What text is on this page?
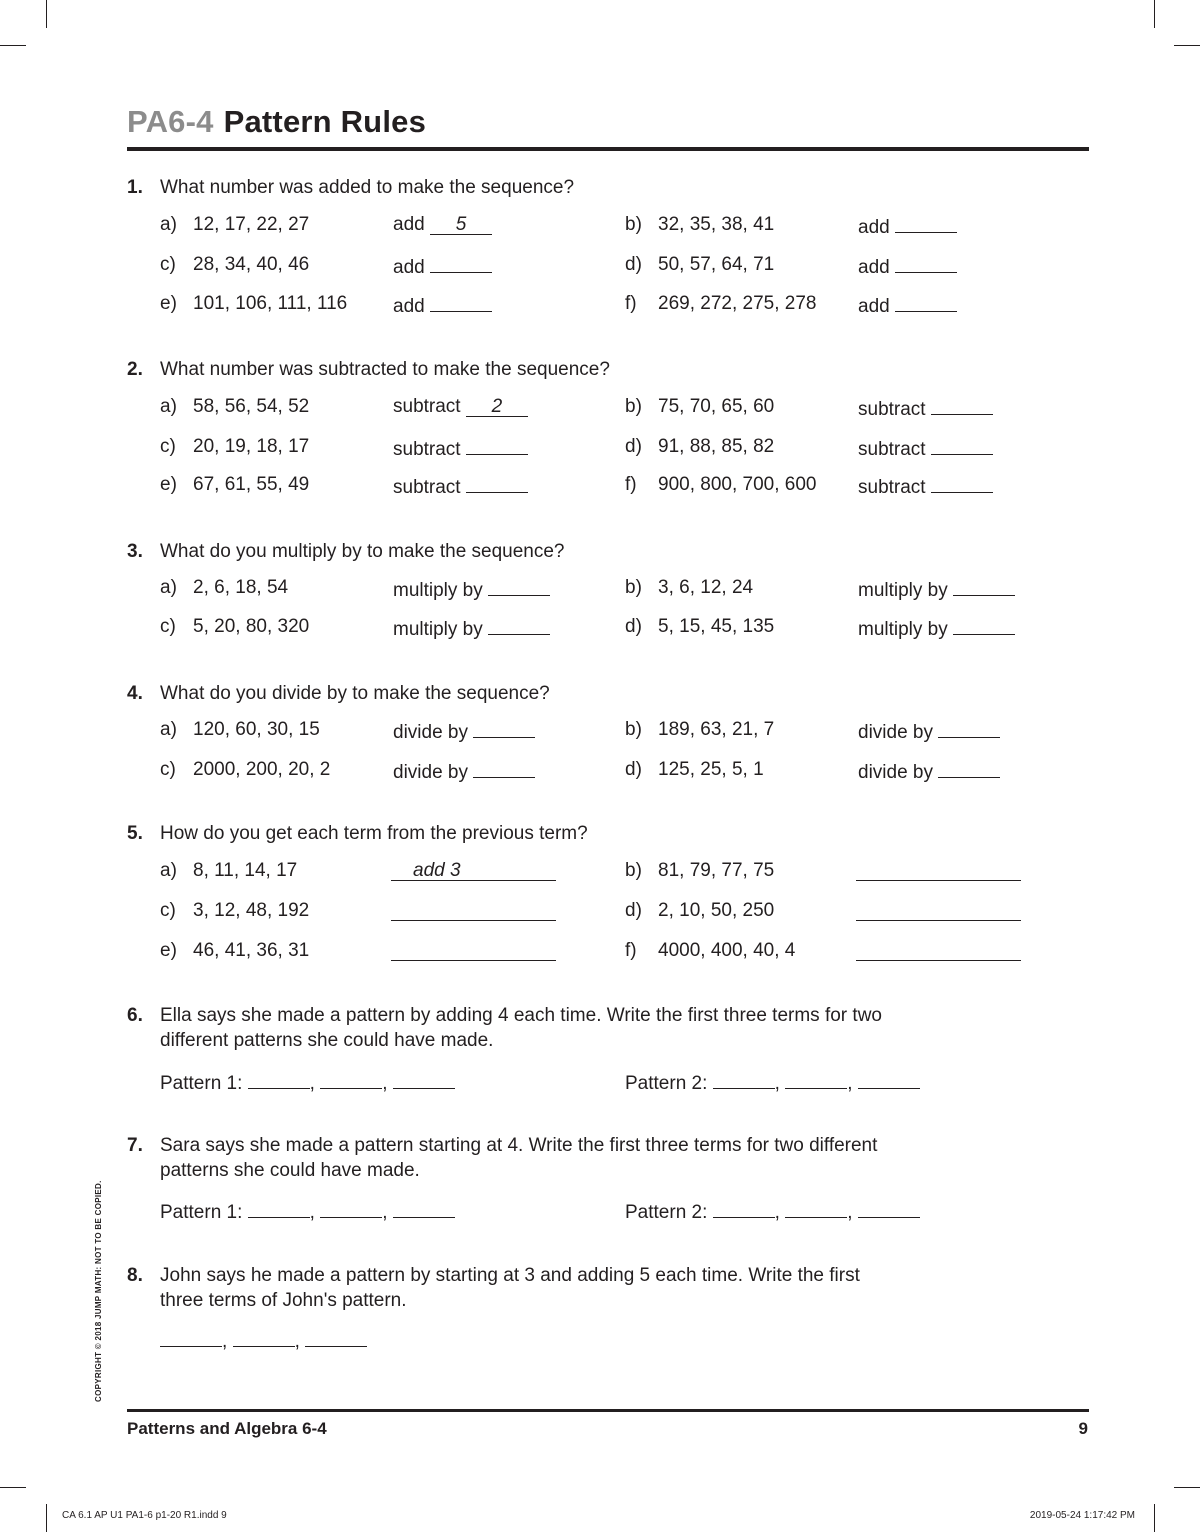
PA6-4 Pattern Rules
1. What number was added to make the sequence?
a) 12, 17, 22, 27	add 5	b) 32, 35, 38, 41	add
c) 28, 34, 40, 46	add	d) 50, 57, 64, 71	add
e) 101, 106, 111, 116 add	f) 269, 272, 275, 278 add
2. What number was subtracted to make the sequence?
a) 58, 56, 54, 52	subtract 2	b) 75, 70, 65, 60	subtract
c) 20, 19, 18, 17	subtract	d) 91, 88, 85, 82	subtract
e) 67, 61, 55, 49	subtract	f) 900, 800, 700, 600 subtract
3. What do you multiply by to make the sequence?
a) 2, 6, 18, 54	multiply by	b) 3, 6, 12, 24	multiply by
c) 5, 20, 80, 320	multiply by	d) 5, 15, 45, 135	multiply by
4. What do you divide by to make the sequence?
a) 120, 60, 30, 15	divide by	b) 189, 63, 21, 7	divide by
c) 2000, 200, 20, 2	divide by	d) 125, 25, 5, 1	divide by
5. How do you get each term from the previous term?
a) 8, 11, 14, 17	add 3	b) 81, 79, 77, 75
c) 3, 12, 48, 192	d) 2, 10, 50, 250
e) 46, 41, 36, 31	f) 4000, 400, 40, 4
6. Ella says she made a pattern by adding 4 each time. Write the first three terms for two
different patterns she could have made.
Pattern 1:	,	,	Pattern 2:	,	,
7. Sara says she made a pattern starting at 4. Write the first three terms for two different
patterns she could have made.
Pattern 1:	,	,	Pattern 2:	,	,
8. John says he made a pattern by starting at 3 and adding 5 each time. Write the first
three terms of John's pattern.
,	,
COPYRIGHT © 2018 JUMP MATH: NOT TO BE COPIED.
Patterns and Algebra 6-4	9
CA 6.1 AP U1 PA1-6 p1-20 R1.indd 9	2019-05-24 1:17:42 PM
